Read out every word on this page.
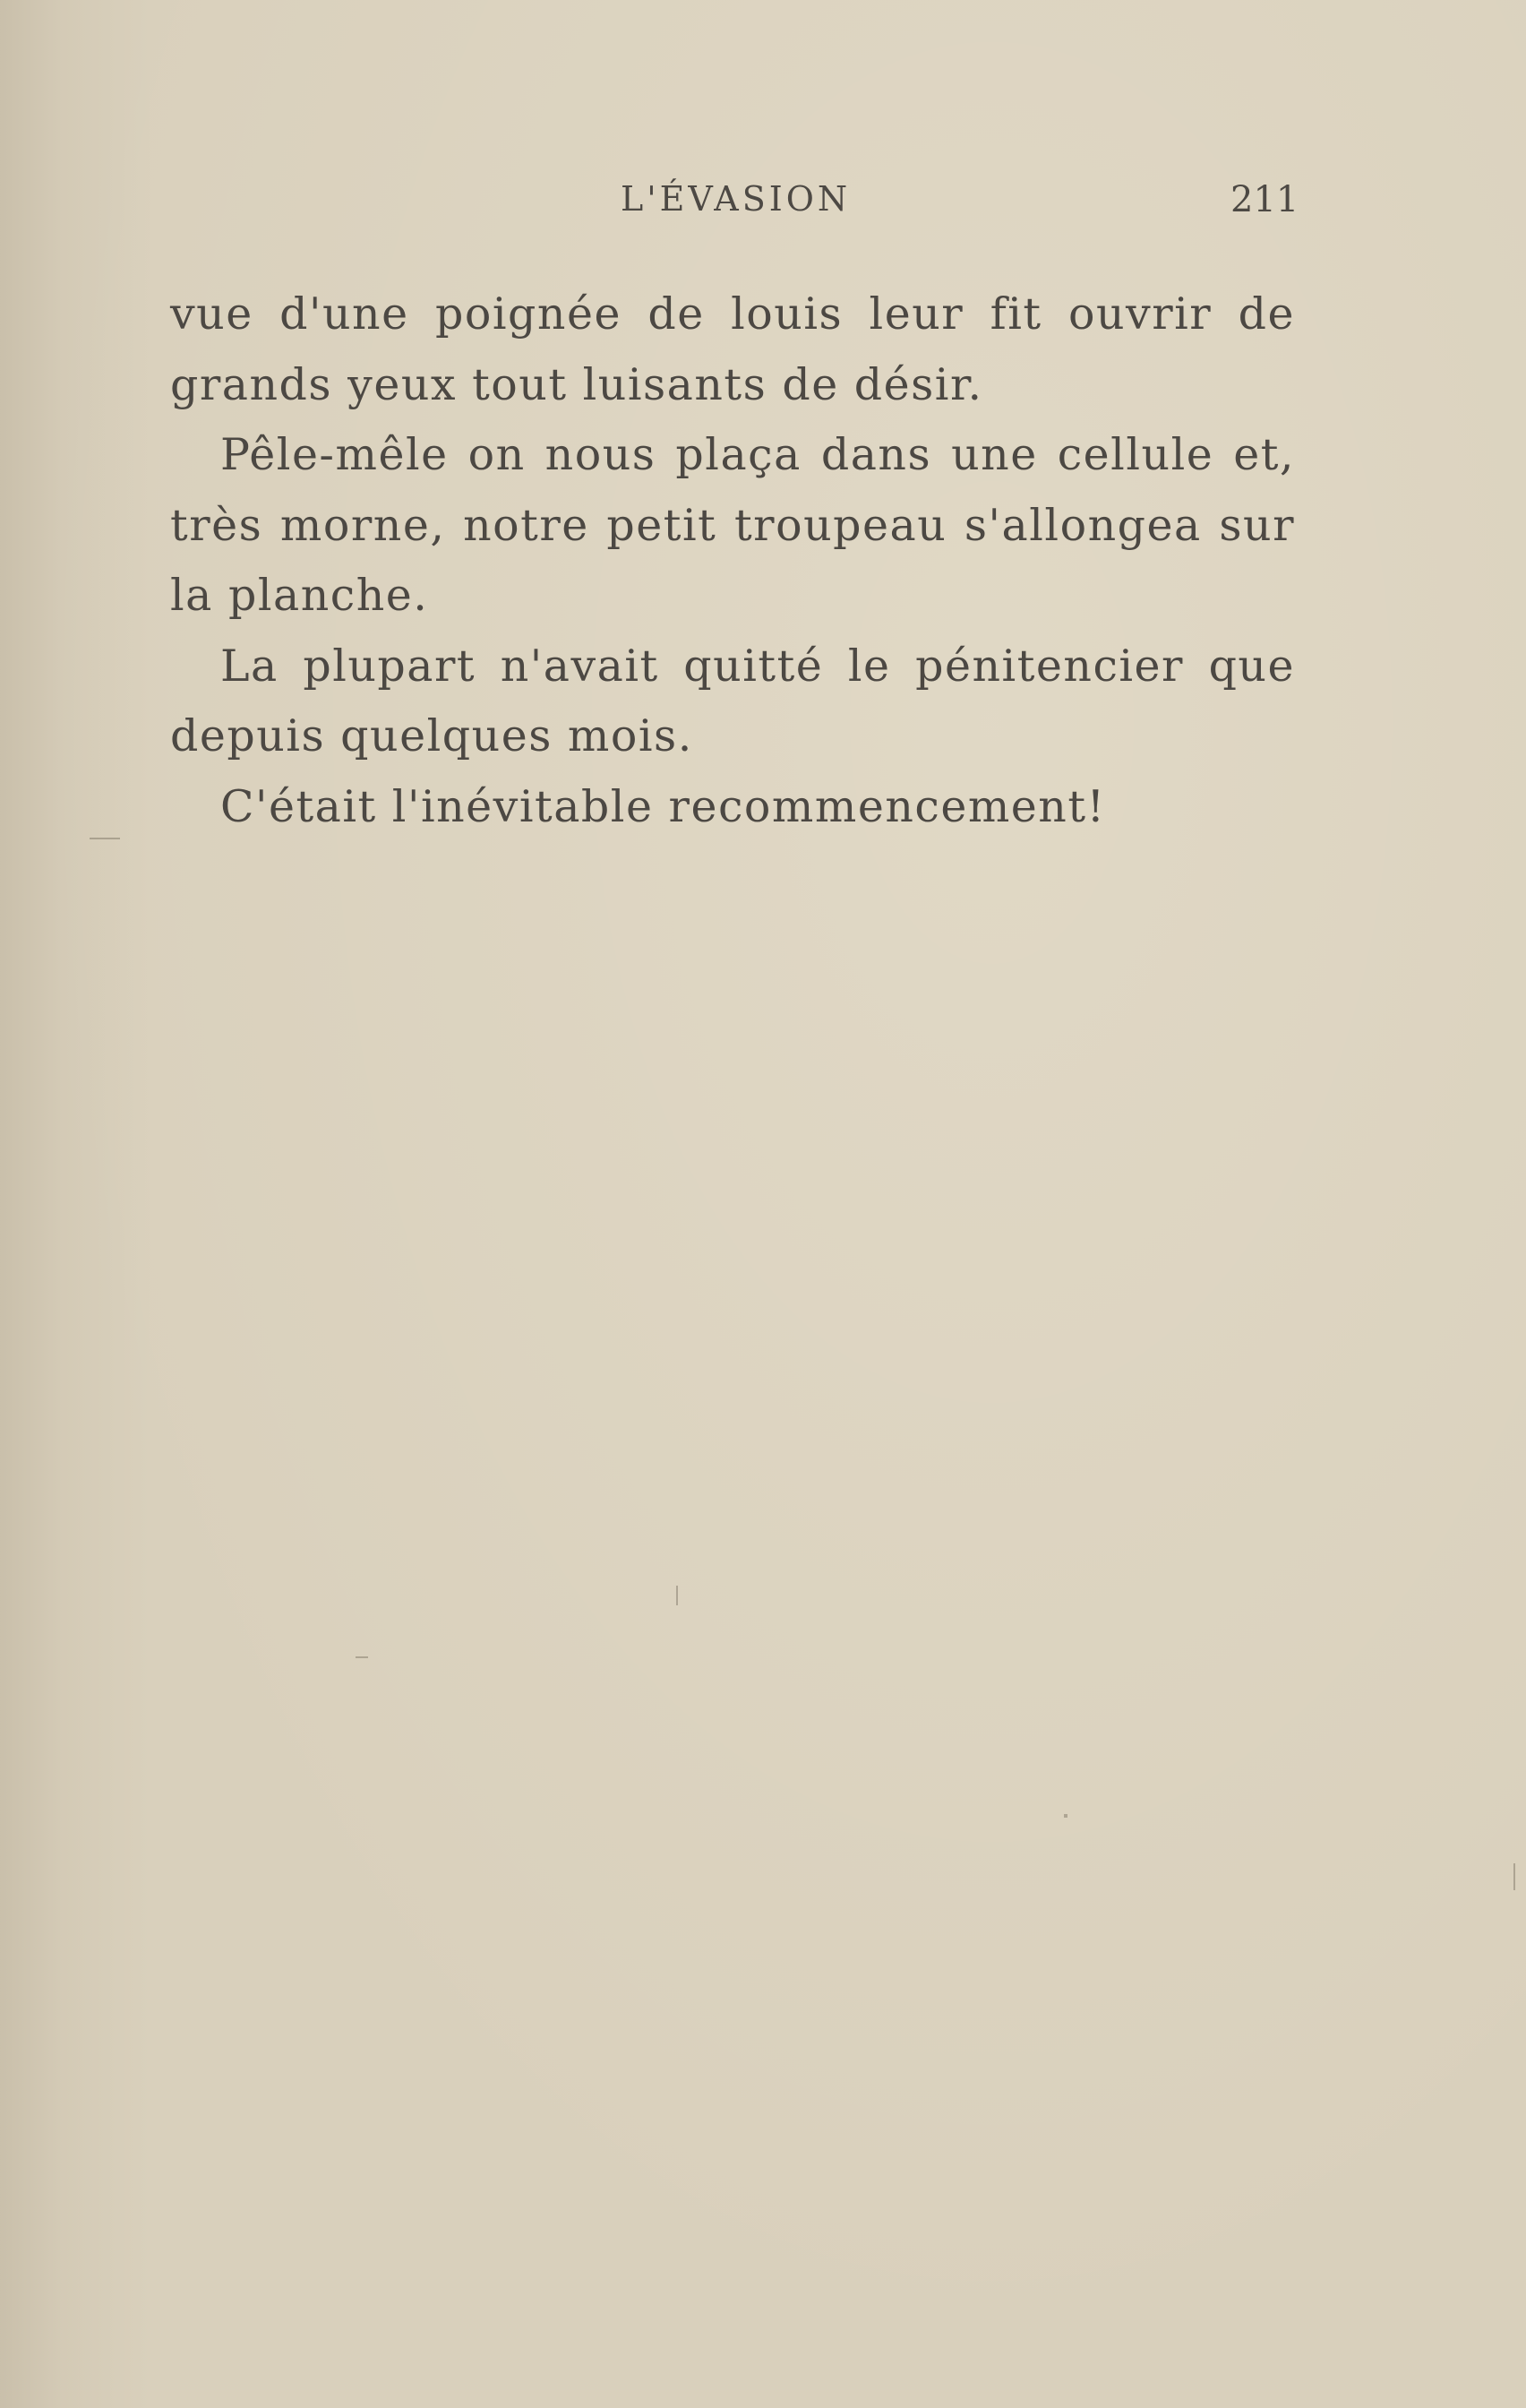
L'ÉVASION	211
vue d'une poignée de louis leur fit ouvrir de
grands yeux tout luisants de désir.
Pêle-mêle on nous plaça dans une cellule et,
très morne, notre petit troupeau s'allongea sur
la planche.
La plupart n'avait quitté le pénitencier que
depuis quelques mois.
C'était l'inévitable recommencement!
